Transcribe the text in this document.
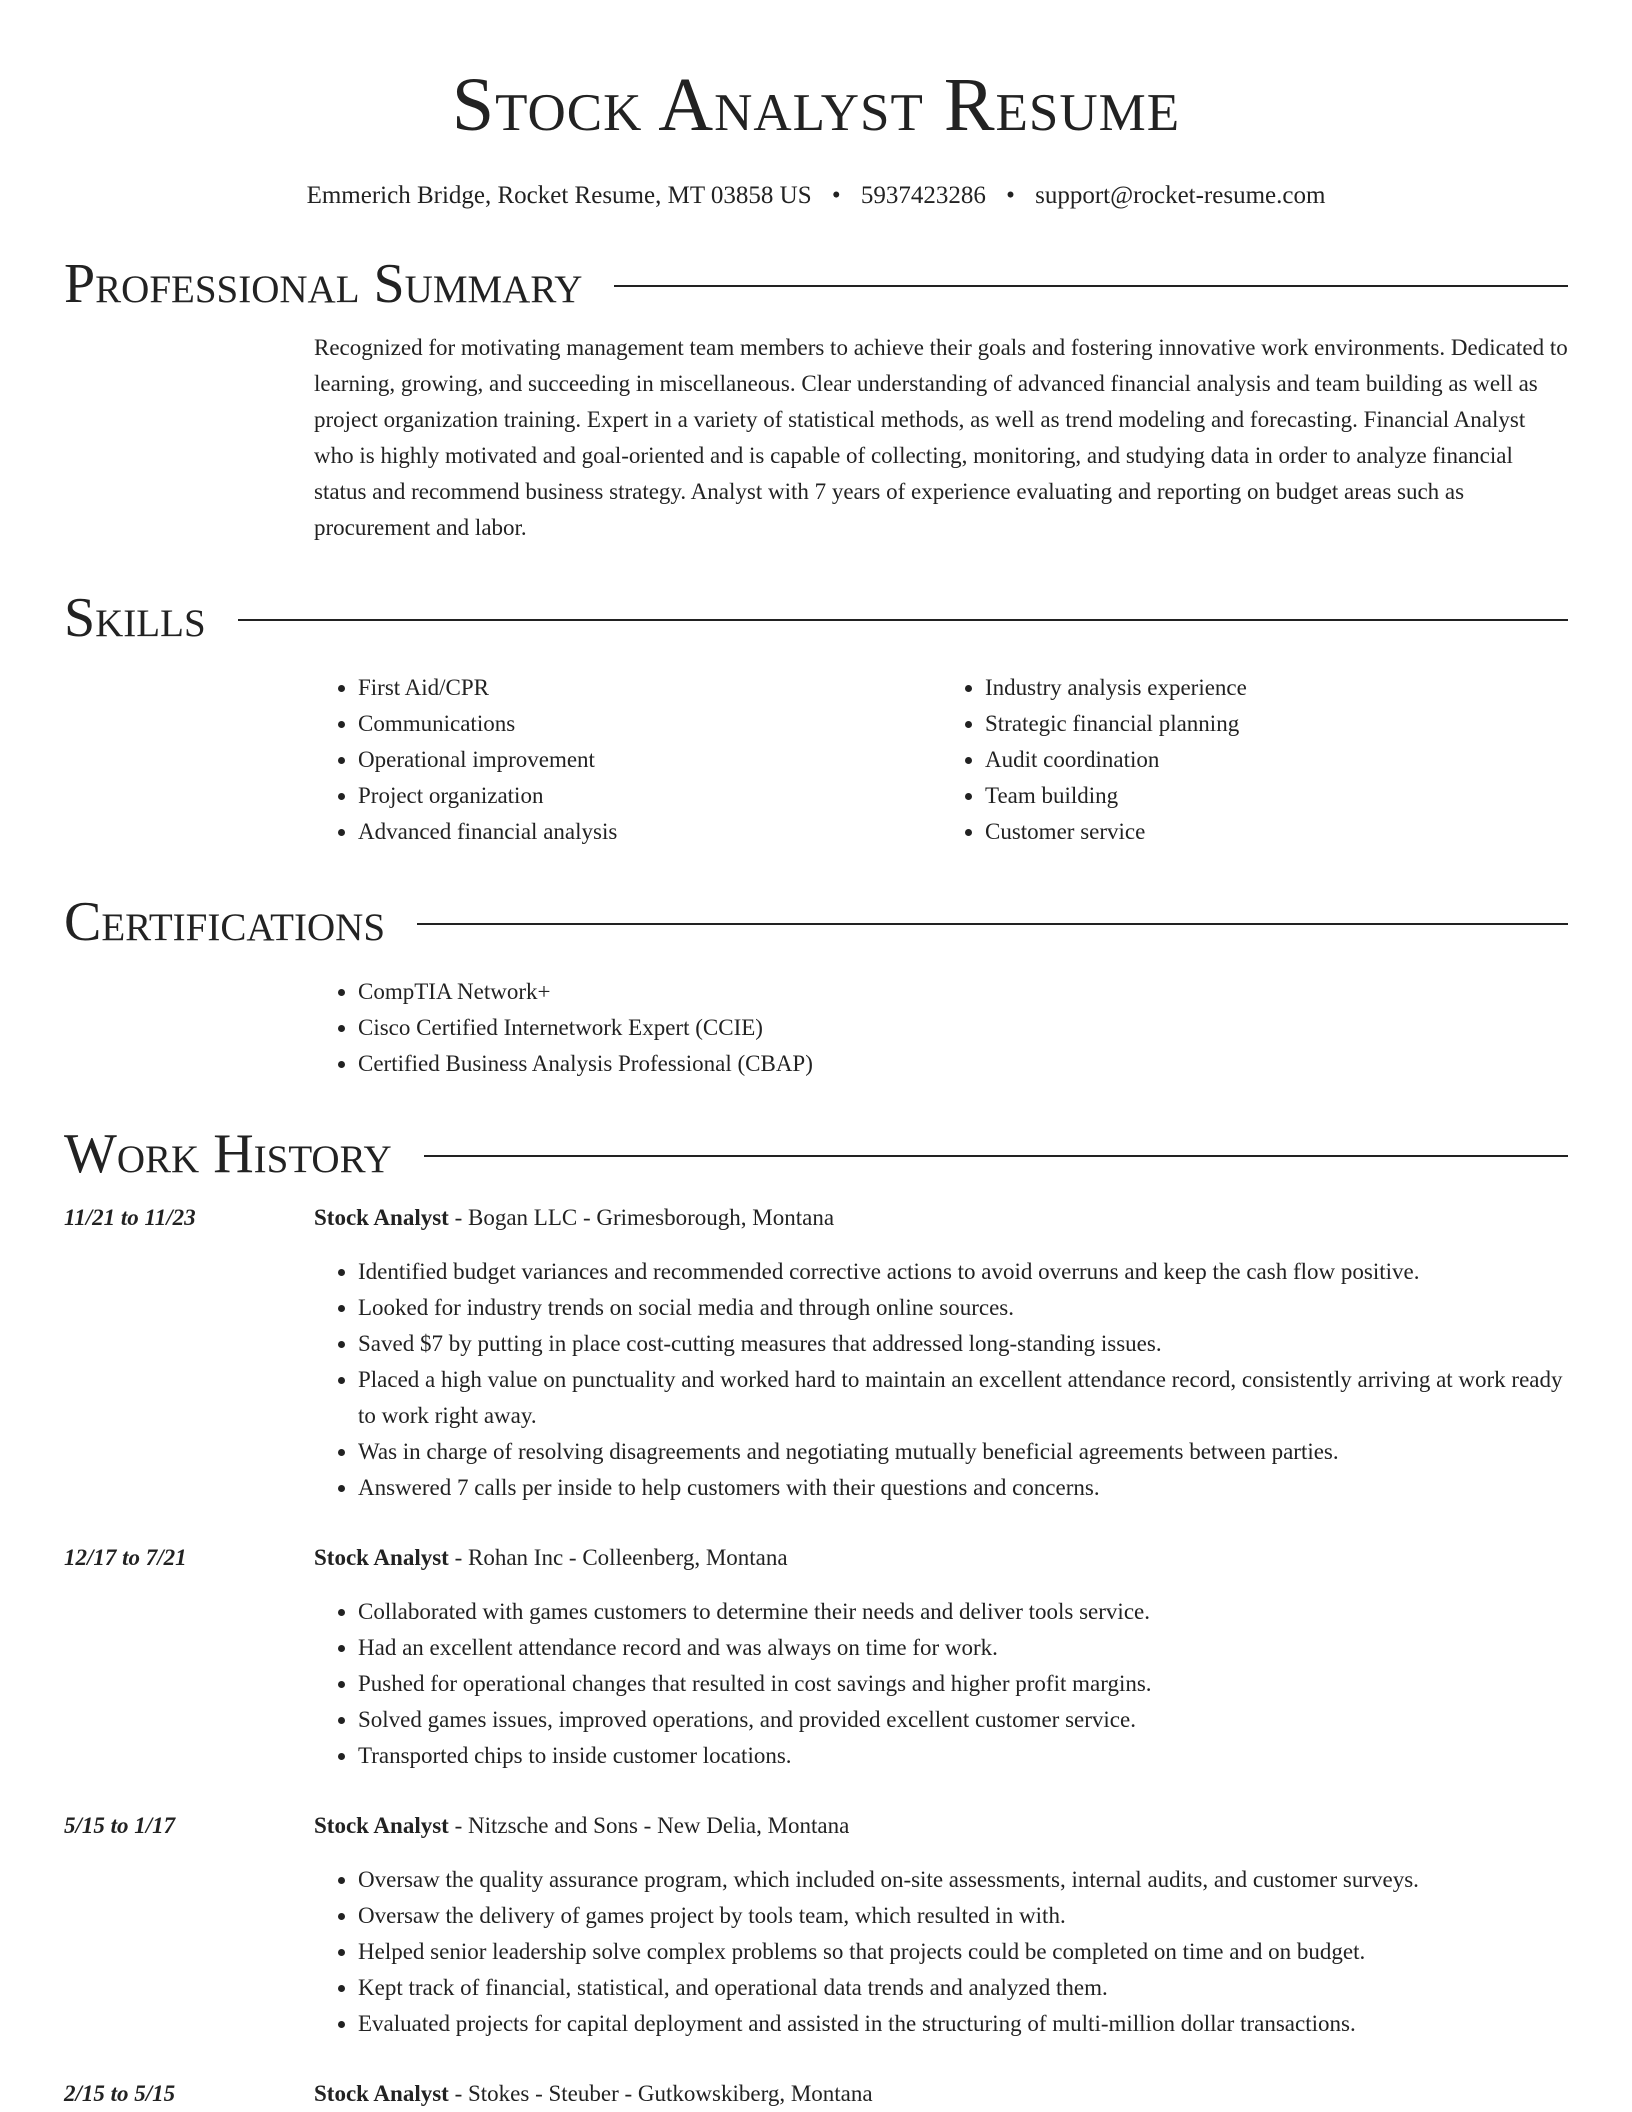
Stock Analyst Resume
Emmerich Bridge, Rocket Resume, MT 03858 US • 5937423286 • support@rocket-resume.com
Professional Summary
Recognized for motivating management team members to achieve their goals and fostering innovative work environments. Dedicated to learning, growing, and succeeding in miscellaneous. Clear understanding of advanced financial analysis and team building as well as project organization training. Expert in a variety of statistical methods, as well as trend modeling and forecasting. Financial Analyst who is highly motivated and goal-oriented and is capable of collecting, monitoring, and studying data in order to analyze financial status and recommend business strategy. Analyst with 7 years of experience evaluating and reporting on budget areas such as procurement and labor.
Skills
• First Aid/CPR
• Communications
• Operational improvement
• Project organization
• Advanced financial analysis
• Industry analysis experience
• Strategic financial planning
• Audit coordination
• Team building
• Customer service
Certifications
• CompTIA Network+
• Cisco Certified Internetwork Expert (CCIE)
• Certified Business Analysis Professional (CBAP)
Work History
11/21 to 11/23	Stock Analyst - Bogan LLC - Grimesborough, Montana
• Identified budget variances and recommended corrective actions to avoid overruns and keep the cash flow positive.
• Looked for industry trends on social media and through online sources.
• Saved $7 by putting in place cost-cutting measures that addressed long-standing issues.
• Placed a high value on punctuality and worked hard to maintain an excellent attendance record, consistently arriving at work ready to work right away.
• Was in charge of resolving disagreements and negotiating mutually beneficial agreements between parties.
• Answered 7 calls per inside to help customers with their questions and concerns.
12/17 to 7/21	Stock Analyst - Rohan Inc - Colleenberg, Montana
• Collaborated with games customers to determine their needs and deliver tools service.
• Had an excellent attendance record and was always on time for work.
• Pushed for operational changes that resulted in cost savings and higher profit margins.
• Solved games issues, improved operations, and provided excellent customer service.
• Transported chips to inside customer locations.
5/15 to 1/17	Stock Analyst - Nitzsche and Sons - New Delia, Montana
• Oversaw the quality assurance program, which included on-site assessments, internal audits, and customer surveys.
• Oversaw the delivery of games project by tools team, which resulted in with.
• Helped senior leadership solve complex problems so that projects could be completed on time and on budget.
• Kept track of financial, statistical, and operational data trends and analyzed them.
• Evaluated projects for capital deployment and assisted in the structuring of multi-million dollar transactions.
2/15 to 5/15	Stock Analyst - Stokes - Steuber - Gutkowskiberg, Montana
